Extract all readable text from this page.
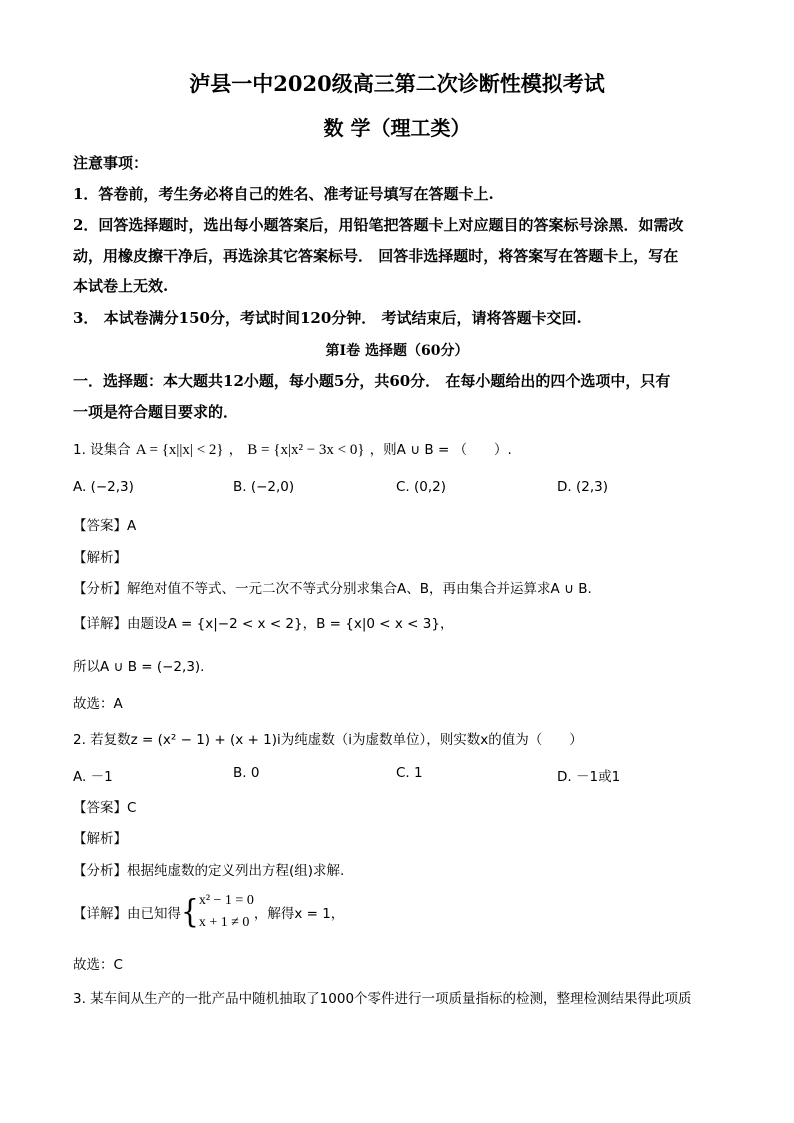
泸县一中2020级高三第二次诊断性模拟考试
数 学（理工类）
注意事项：
1．答卷前，考生务必将自己的姓名、准考证号填写在答题卡上.
2．回答选择题时，选出每小题答案后，用铅笔把答题卡上对应题目的答案标号涂黑．如需改
动，用橡皮擦干净后，再选涂其它答案标号． 回答非选择题时，将答案写在答题卡上，写在
本试卷上无效.
3． 本试卷满分150分，考试时间120分钟． 考试结束后，请将答题卡交回.
第I卷 选择题（60分）
一．选择题：本大题共12小题，每小题5分，共60分． 在每小题给出的四个选项中，只有
一项是符合题目要求的．
1. 设集合 A = {x||x| < 2} ， B = {x|x² − 3x < 0} ，则A ∪ B = （　　）.
A. (−2,3)	B. (−2,0)	C. (0,2)	D. (2,3)
【答案】A
【解析】
【分析】解绝对值不等式、一元二次不等式分别求集合A、B，再由集合并运算求A ∪ B.
【详解】由题设A = {x|−2 < x < 2}，B = {x|0 < x < 3}，
所以A ∪ B = (−2,3).
故选：A
2. 若复数z = (x² − 1) + (x + 1)i为纯虚数（i为虚数单位），则实数x的值为（　　）
A. －1	B. 0	C. 1	D. －1或1
【答案】C
【解析】
【分析】根据纯虚数的定义列出方程(组)求解.
【详解】由已知得{ x² − 1 = 0
x + 1 ≠ 0
，解得x = 1，
故选：C
3. 某车间从生产的一批产品中随机抽取了1000个零件进行一项质量指标的检测，整理检测结果得此项质
